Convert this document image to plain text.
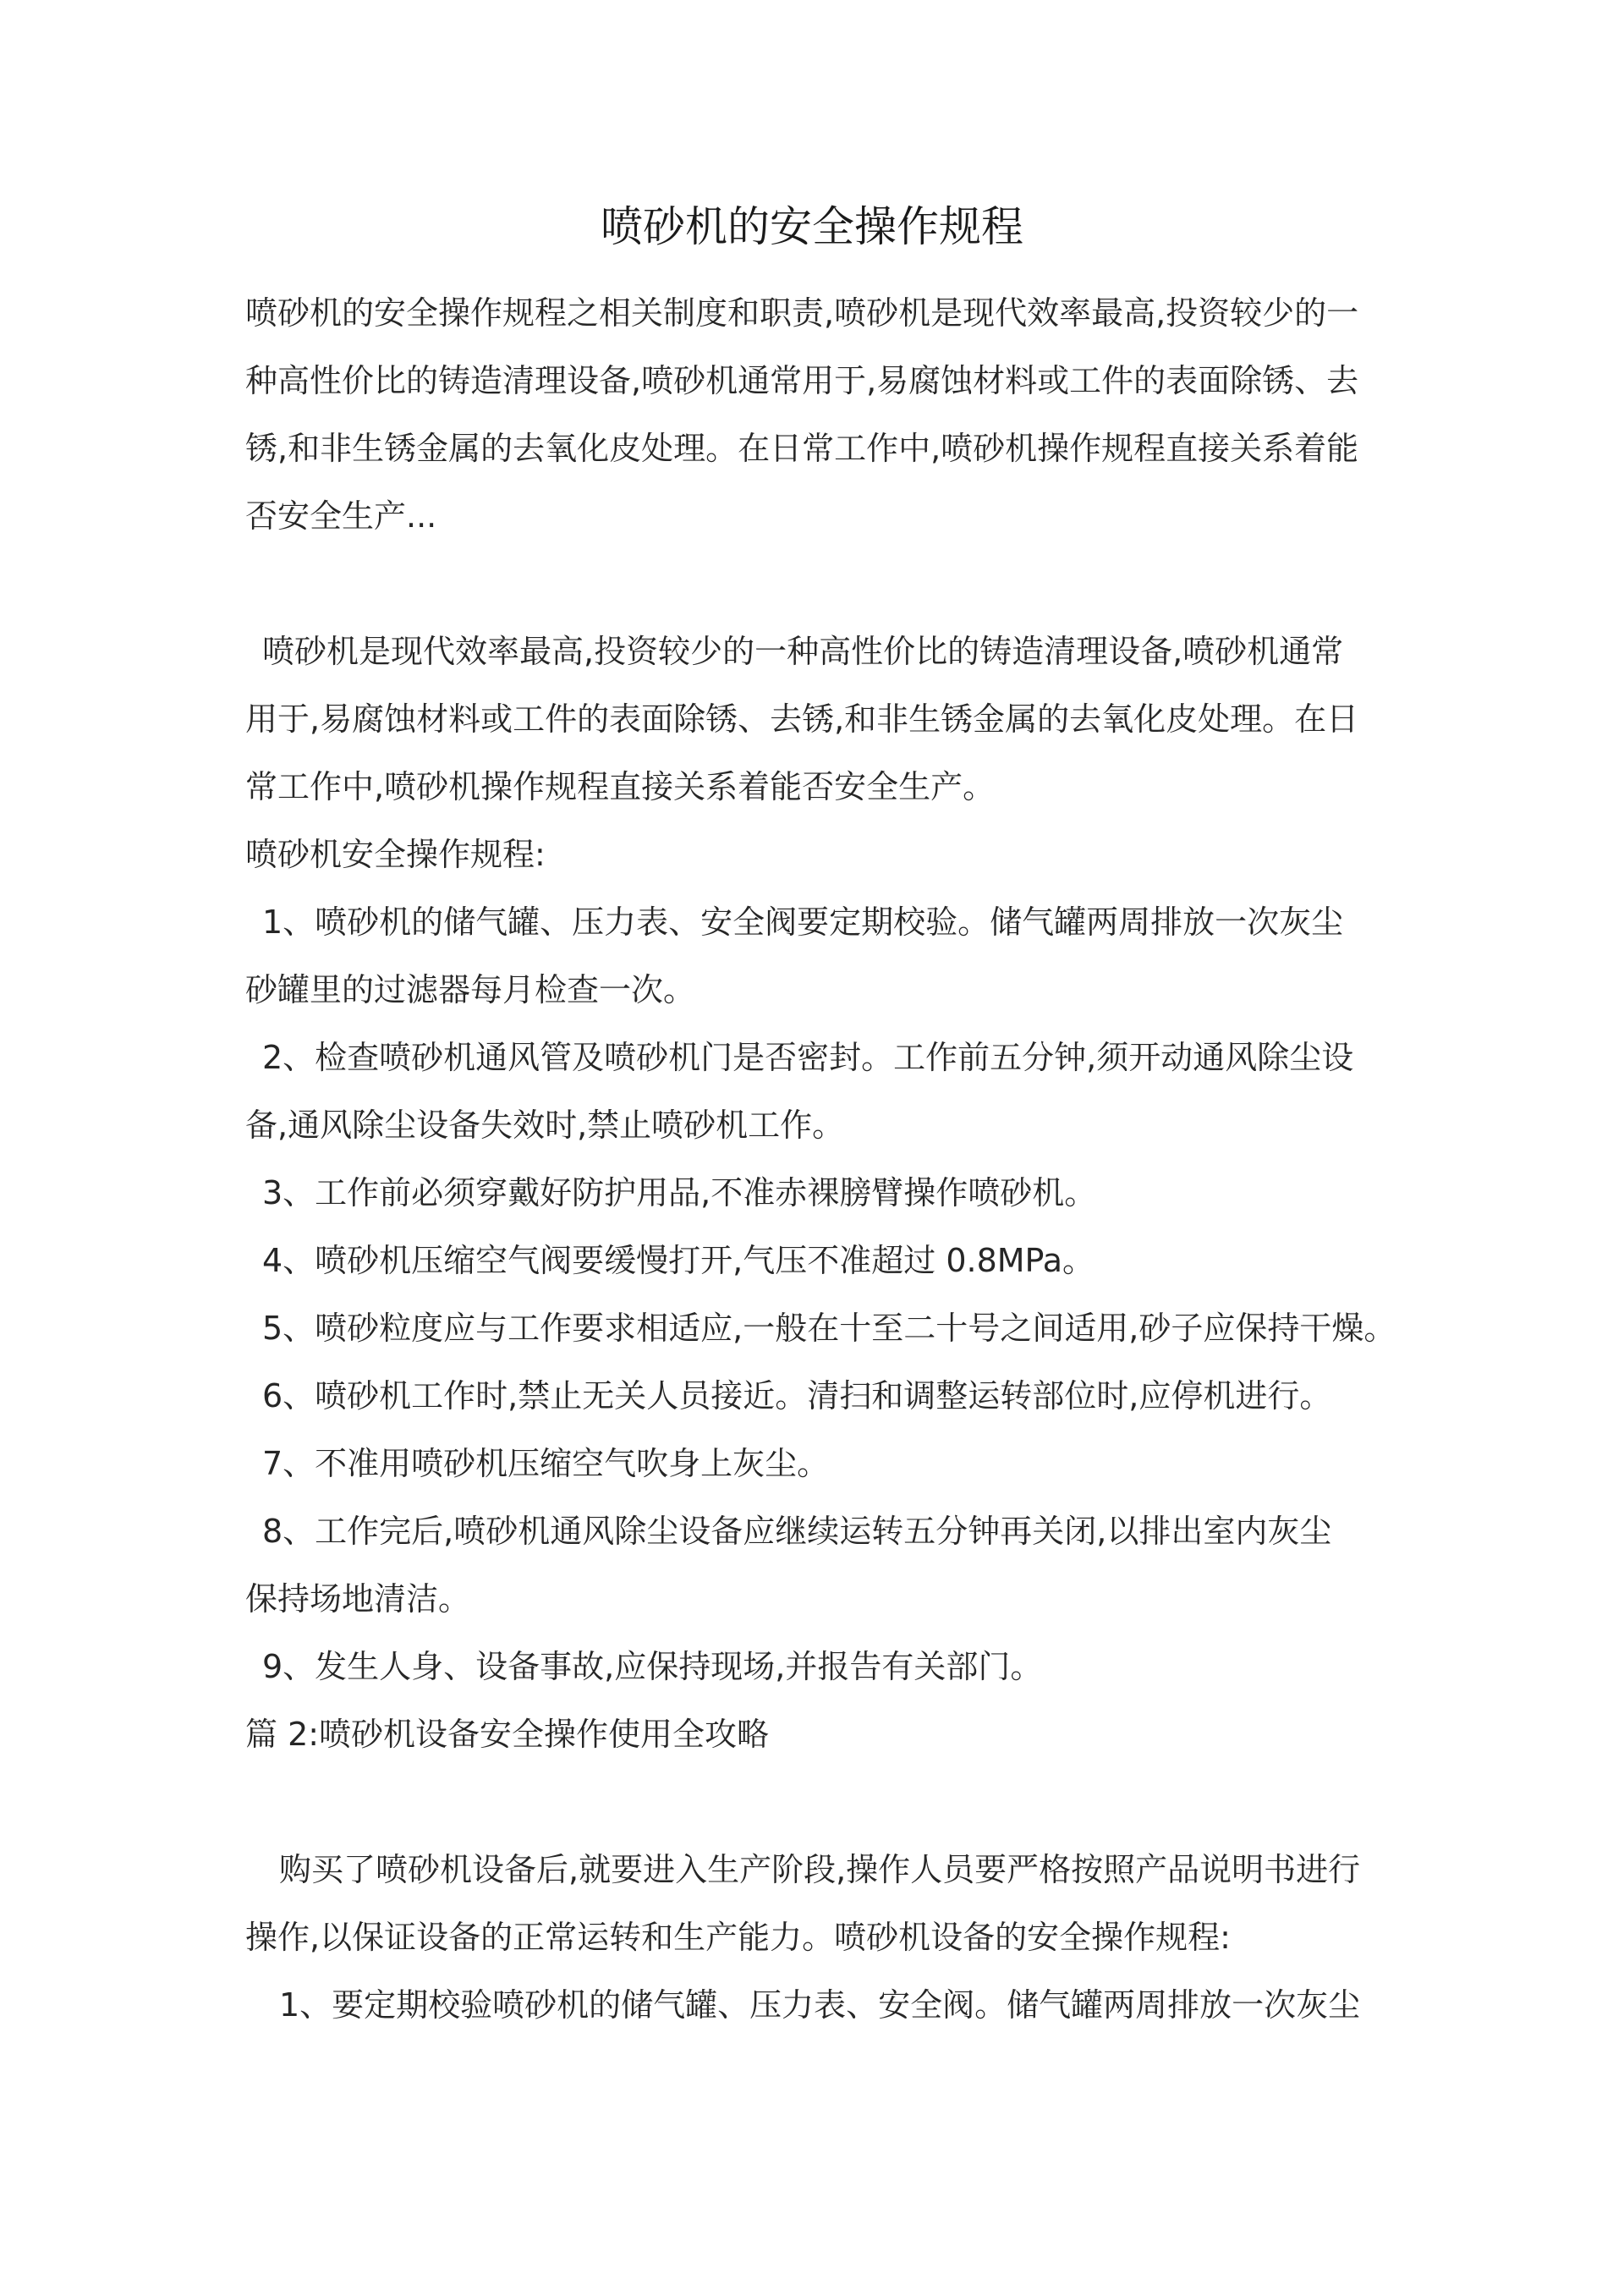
喷砂机的安全操作规程
喷砂机的安全操作规程之相关制度和职责,喷砂机是现代效率最高,投资较少的一
种高性价比的铸造清理设备,喷砂机通常用于,易腐蚀材料或工件的表面除锈、去
锈,和非生锈金属的去氧化皮处理。在日常工作中,喷砂机操作规程直接关系着能
否安全生产...
喷砂机是现代效率最高,投资较少的一种高性价比的铸造清理设备,喷砂机通常
用于,易腐蚀材料或工件的表面除锈、去锈,和非生锈金属的去氧化皮处理。在日
常工作中,喷砂机操作规程直接关系着能否安全生产。
喷砂机安全操作规程:
1、喷砂机的储气罐、压力表、安全阀要定期校验。储气罐两周排放一次灰尘
砂罐里的过滤器每月检查一次。
2、检查喷砂机通风管及喷砂机门是否密封。工作前五分钟,须开动通风除尘设
备,通风除尘设备失效时,禁止喷砂机工作。
3、工作前必须穿戴好防护用品,不准赤裸膀臂操作喷砂机。
4、喷砂机压缩空气阀要缓慢打开,气压不准超过 0.8MPa。
5、喷砂粒度应与工作要求相适应,一般在十至二十号之间适用,砂子应保持干燥。
6、喷砂机工作时,禁止无关人员接近。清扫和调整运转部位时,应停机进行。
7、不准用喷砂机压缩空气吹身上灰尘。
8、工作完后,喷砂机通风除尘设备应继续运转五分钟再关闭,以排出室内灰尘
保持场地清洁。
9、发生人身、设备事故,应保持现场,并报告有关部门。
篇 2:喷砂机设备安全操作使用全攻略
购买了喷砂机设备后,就要进入生产阶段,操作人员要严格按照产品说明书进行
操作,以保证设备的正常运转和生产能力。喷砂机设备的安全操作规程:
1、要定期校验喷砂机的储气罐、压力表、安全阀。储气罐两周排放一次灰尘
